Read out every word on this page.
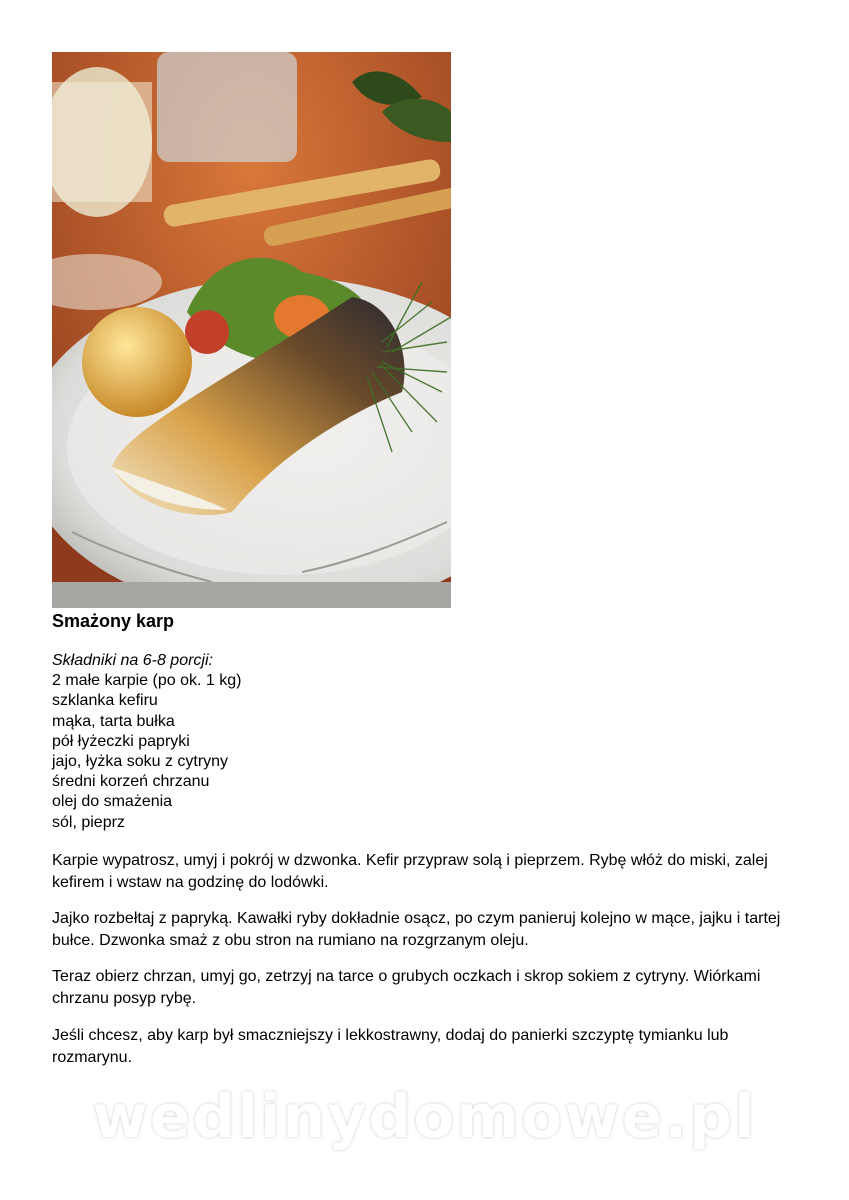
Smażony karp
Składniki na 6-8 porcji:
2 małe karpie (po ok. 1 kg)
szklanka kefiru
mąka, tarta bułka
pół łyżeczki papryki
jajo, łyżka soku z cytryny
średni korzeń chrzanu
olej do smażenia
sól, pieprz
Karpie wypatrosz, umyj i pokrój w dzwonka. Kefir przypraw solą i pieprzem. Rybę włóż do miski, zalej kefirem i wstaw na godzinę do lodówki.
Jajko rozbełtaj z papryką. Kawałki ryby dokładnie osącz, po czym panieruj kolejno w mące, jajku i tartej bułce. Dzwonka smaż z obu stron na rumiano na rozgrzanym oleju.
Teraz obierz chrzan, umyj go, zetrzyj na tarce o grubych oczkach i skrop sokiem z cytryny. Wiórkami chrzanu posyp rybę.
Jeśli chcesz, aby karp był smaczniejszy i lekkostrawny, dodaj do panierki szczyptę tymianku lub rozmarynu.
wedlinydomowe.pl
